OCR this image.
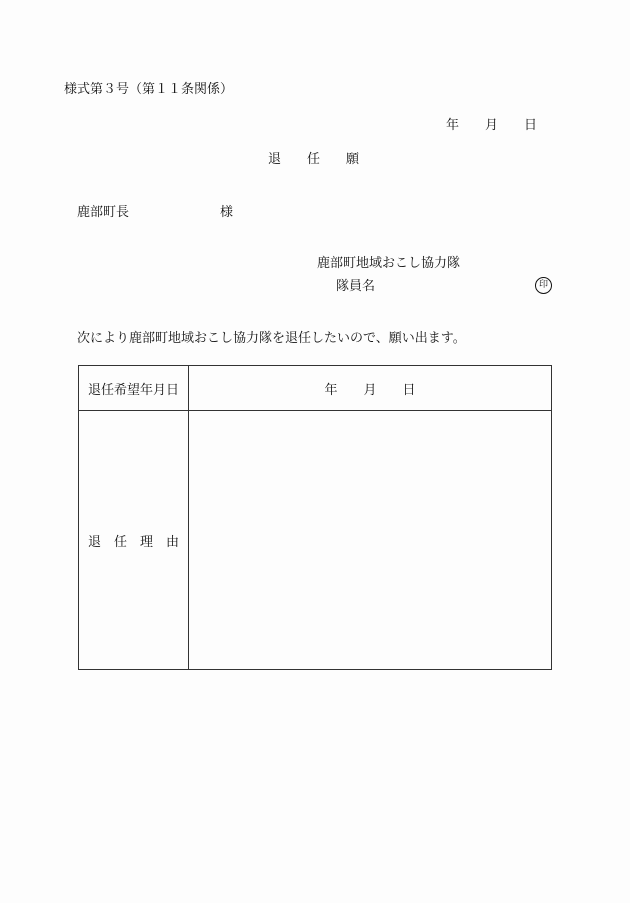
様式第３号（第１１条関係）
年　　月　　日
退　　任　　願
鹿部町長　　　　　　　様
鹿部町地域おこし協力隊
隊員名	印
次により鹿部町地域おこし協力隊を退任したいので、願い出ます。
退任希望年月日	年　　月　　日
退　任　理　由	
